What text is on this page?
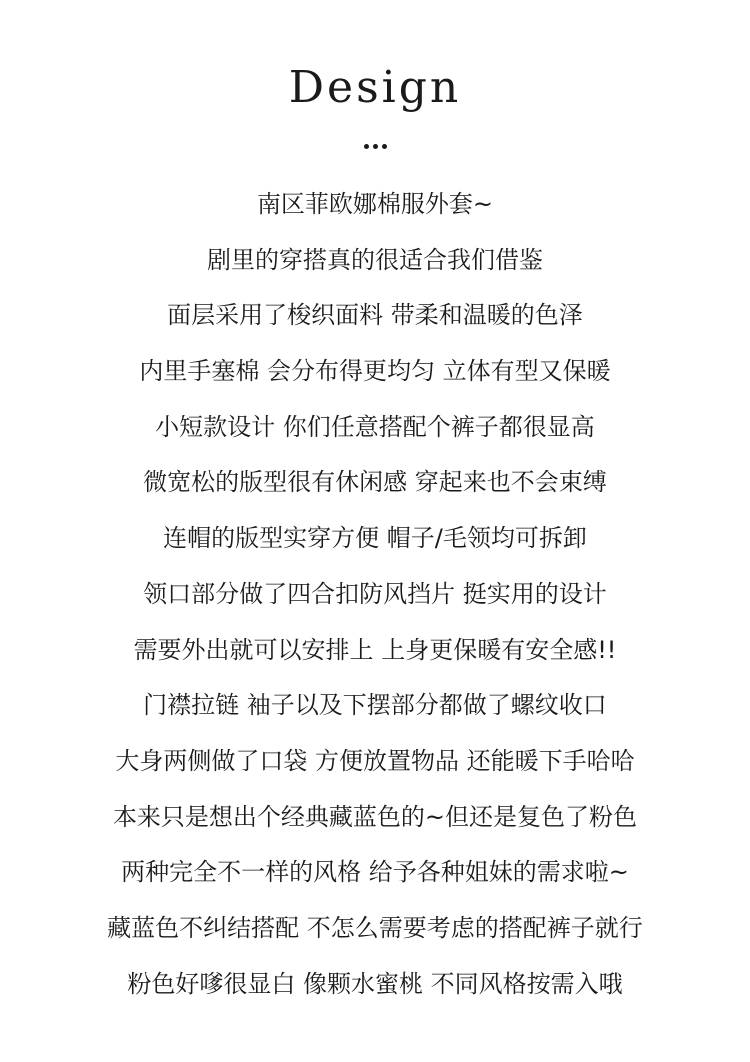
Design
南区菲欧娜棉服外套~
剧里的穿搭真的很适合我们借鉴
面层采用了梭织面料 带柔和温暖的色泽
内里手塞棉 会分布得更均匀 立体有型又保暖
小短款设计 你们任意搭配个裤子都很显高
微宽松的版型很有休闲感 穿起来也不会束缚
连帽的版型实穿方便 帽子/毛领均可拆卸
领口部分做了四合扣防风挡片 挺实用的设计
需要外出就可以安排上 上身更保暖有安全感!!
门襟拉链 袖子以及下摆部分都做了螺纹收口
大身两侧做了口袋 方便放置物品 还能暖下手哈哈
本来只是想出个经典藏蓝色的~但还是复色了粉色
两种完全不一样的风格 给予各种姐妹的需求啦~
藏蓝色不纠结搭配 不怎么需要考虑的搭配裤子就行
粉色好嗲很显白 像颗水蜜桃 不同风格按需入哦
